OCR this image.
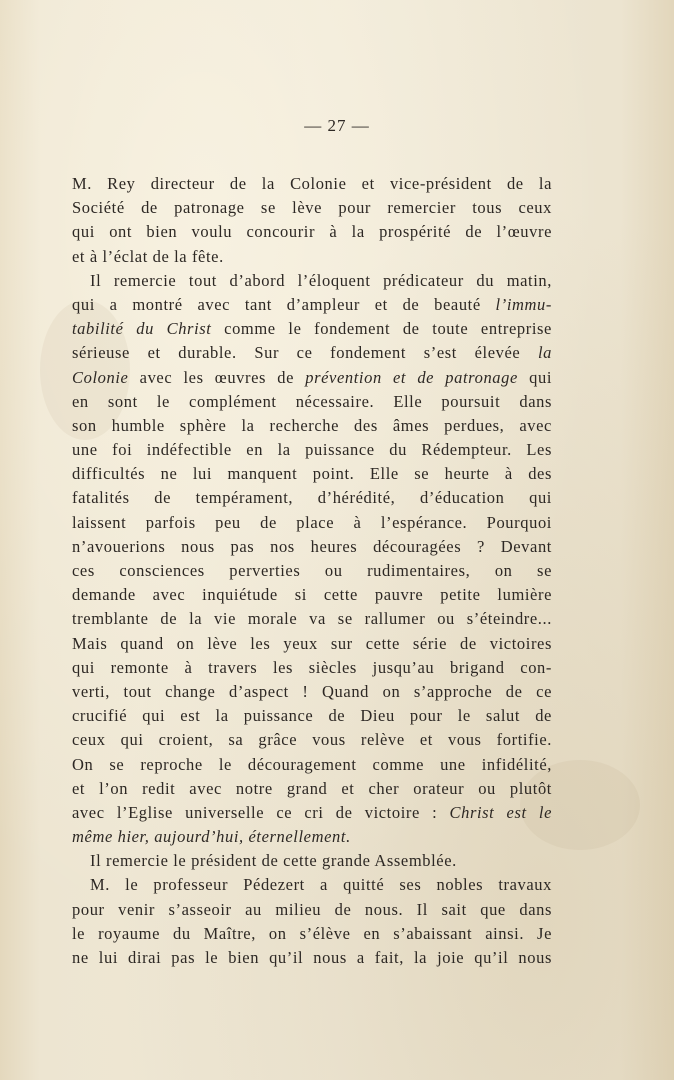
— 27 —
M. Rey directeur de la Colonie et vice-président de la
Société de patronage se lève pour remercier tous ceux
qui ont bien voulu concourir à la prospérité de l’œuvre
et à l’éclat de la fête.
Il remercie tout d’abord l’éloquent prédicateur du matin,
qui a montré avec tant d’ampleur et de beauté l’immu-
tabilité du Christ comme le fondement de toute entreprise
sérieuse et durable. Sur ce fondement s’est élevée la
Colonie avec les œuvres de prévention et de patronage qui
en sont le complément nécessaire. Elle poursuit dans
son humble sphère la recherche des âmes perdues, avec
une foi indéfectible en la puissance du Rédempteur. Les
difficultés ne lui manquent point. Elle se heurte à des
fatalités de tempérament, d’hérédité, d’éducation qui
laissent parfois peu de place à l’espérance. Pourquoi
n’avouerions nous pas nos heures découragées ? Devant
ces consciences perverties ou rudimentaires, on se
demande avec inquiétude si cette pauvre petite lumière
tremblante de la vie morale va se rallumer ou s’éteindre...
Mais quand on lève les yeux sur cette série de victoires
qui remonte à travers les siècles jusqu’au brigand con-
verti, tout change d’aspect ! Quand on s’approche de ce
crucifié qui est la puissance de Dieu pour le salut de
ceux qui croient, sa grâce vous relève et vous fortifie.
On se reproche le découragement comme une infidélité,
et l’on redit avec notre grand et cher orateur ou plutôt
avec l’Eglise universelle ce cri de victoire : Christ est le
même hier, aujourd’hui, éternellement.
Il remercie le président de cette grande Assemblée.
M. le professeur Pédezert a quitté ses nobles travaux
pour venir s’asseoir au milieu de nous. Il sait que dans
le royaume du Maître, on s’élève en s’abaissant ainsi. Je
ne lui dirai pas le bien qu’il nous a fait, la joie qu’il nous
